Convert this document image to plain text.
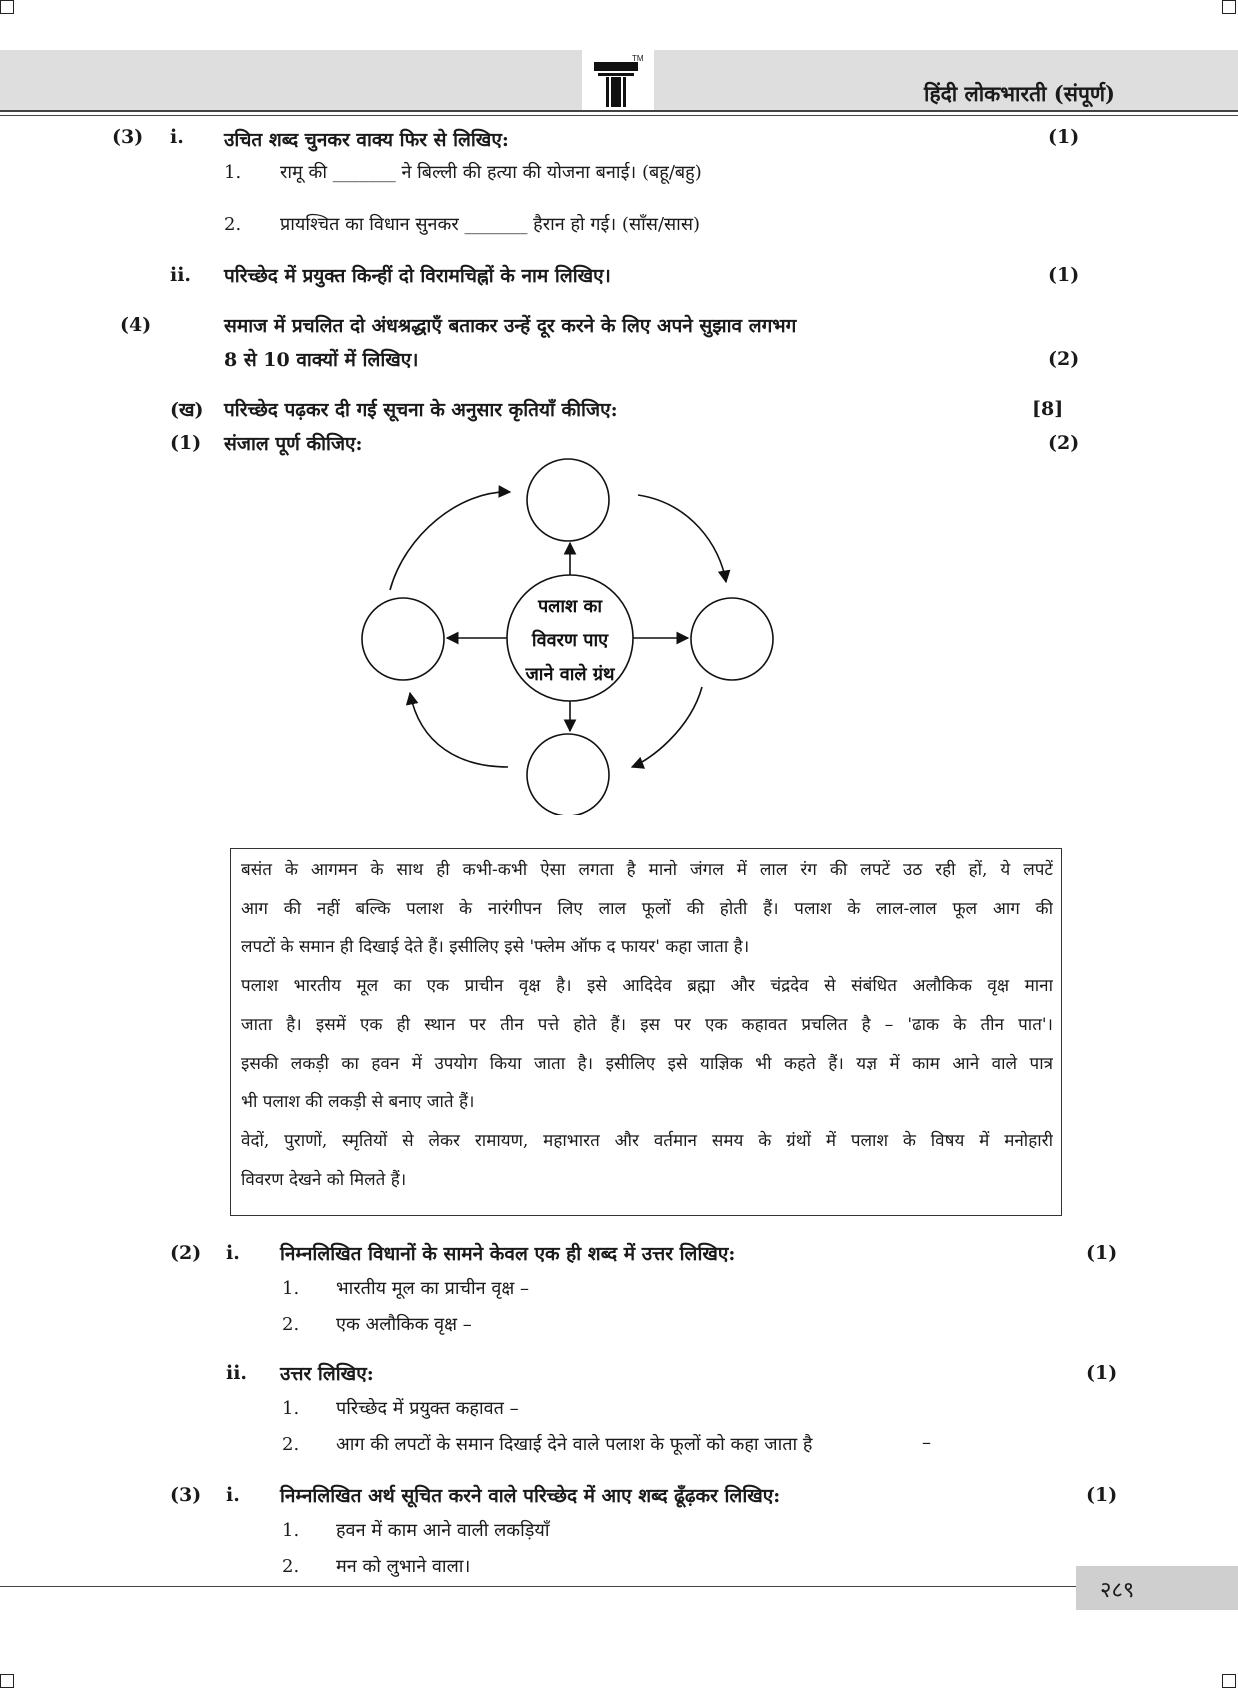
TM
हिंदी लोकभारती (संपूर्ण)
(3) i. उचित शब्द चुनकर वाक्य फिर से लिखिए:	(1)
1. रामू की _______ ने बिल्ली की हत्या की योजना बनाई। (बहू/बहु)
2. प्रायश्चित का विधान सुनकर _______ हैरान हो गई। (साँस/सास)
ii. परिच्छेद में प्रयुक्त किन्हीं दो विरामचिह्नों के नाम लिखिए।	(1)
(4)	समाज में प्रचलित दो अंधश्रद्धाएँ बताकर उन्हें दूर करने के लिए अपने सुझाव लगभग
8 से 10 वाक्यों में लिखिए।	(2)
(ख) परिच्छेद पढ़कर दी गई सूचना के अनुसार कृतियाँ कीजिए:	[8]
(1) संजाल पूर्ण कीजिए:	(2)
पलाश का
विवरण पाए
जाने वाले ग्रंथ
बसंत के आगमन के साथ ही कभी-कभी ऐसा लगता है मानो जंगल में लाल रंग की लपटें उठ रही हों, ये लपटें
आग की नहीं बल्कि पलाश के नारंगीपन लिए लाल फूलों की होती हैं। पलाश के लाल-लाल फूल आग की
लपटों के समान ही दिखाई देते हैं। इसीलिए इसे 'फ्लेम ऑफ द फायर' कहा जाता है।
पलाश भारतीय मूल का एक प्राचीन वृक्ष है। इसे आदिदेव ब्रह्मा और चंद्रदेव से संबंधित अलौकिक वृक्ष माना
जाता है। इसमें एक ही स्थान पर तीन पत्ते होते हैं। इस पर एक कहावत प्रचलित है – 'ढाक के तीन पात'।
इसकी लकड़ी का हवन में उपयोग किया जाता है। इसीलिए इसे याज्ञिक भी कहते हैं। यज्ञ में काम आने वाले पात्र
भी पलाश की लकड़ी से बनाए जाते हैं।
वेदों, पुराणों, स्मृतियों से लेकर रामायण, महाभारत और वर्तमान समय के ग्रंथों में पलाश के विषय में मनोहारी
विवरण देखने को मिलते हैं।
(2) i. निम्नलिखित विधानों के सामने केवल एक ही शब्द में उत्तर लिखिए:	(1)
1. भारतीय मूल का प्राचीन वृक्ष –
2. एक अलौकिक वृक्ष –
ii. उत्तर लिखिए:	(1)
1. परिच्छेद में प्रयुक्त कहावत –
2. आग की लपटों के समान दिखाई देने वाले पलाश के फूलों को कहा जाता है	–
(3) i. निम्नलिखित अर्थ सूचित करने वाले परिच्छेद में आए शब्द ढूँढ़कर लिखिए:	(1)
1. हवन में काम आने वाली लकड़ियाँ
2. मन को लुभाने वाला।
२८९
